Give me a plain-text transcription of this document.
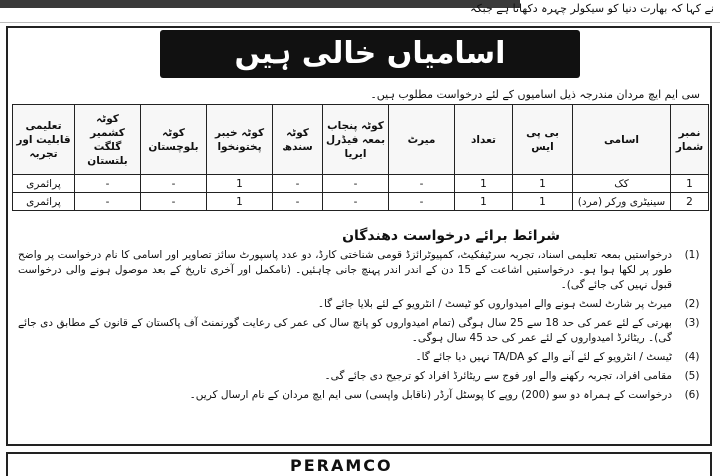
نے کہا کہ بھارت دنیا کو سیکولر چہرہ دکھاتا ہے جبکہ
اسامیاں خالی ہیں
سی ایم ایچ مردان مندرجہ ذیل اسامیوں کے لئے درخواست مطلوب ہیں۔
نمبر شمار	اسامی	بی پی ایس	تعداد	میرٹ	کوٹہ پنجاب بمعہ فیڈرل ایریا	کوٹہ سندھ	کوٹہ خیبر پختونخوا	کوٹہ بلوچستان	کوٹہ کشمیر گلگت بلتستان	تعلیمی قابلیت اور تجربہ
1	کک	1	1	-	-	-	1	-	-	پرائمری
2	سینیٹری ورکر (مرد)	1	1	-	-	-	1	-	-	پرائمری
شرائط برائے درخواست دھندگان
(1)
درخواستیں بمعہ تعلیمی اسناد، تجربہ سرٹیفکیٹ، کمپیوٹرائزڈ قومی شناختی کارڈ، دو عدد پاسپورٹ سائز تصاویر اور اسامی کا نام درخواست پر واضح طور پر لکھا ہوا ہو۔ درخواستیں اشاعت کے 15 دن کے اندر اندر پہنچ جانی چاہئیں۔ (نامکمل اور آخری تاریخ کے بعد موصول ہونے والی درخواست قبول نہیں کی جائے گی)۔
(2)
میرٹ پر شارٹ لسٹ ہونے والے امیدواروں کو ٹیسٹ / انٹرویو کے لئے بلایا جائے گا۔
(3)
بھرتی کے لئے عمر کی حد 18 سے 25 سال ہوگی (تمام امیدواروں کو پانچ سال کی عمر کی رعایت گورنمنٹ آف پاکستان کے قانون کے مطابق دی جائے گی)۔ ریٹائرڈ امیدواروں کے لئے عمر کی حد 45 سال ہوگی۔
(4)
ٹیسٹ / انٹرویو کے لئے آنے والے کو TA/DA نہیں دیا جائے گا۔
(5)
مقامی افراد، تجربہ رکھنے والے اور فوج سے ریٹائرڈ افراد کو ترجیح دی جائے گی۔
(6)
درخواست کے ہمراہ دو سو (200) روپے کا پوسٹل آرڈر (ناقابل واپسی) سی ایم ایچ مردان کے نام ارسال کریں۔
PERAMCO
